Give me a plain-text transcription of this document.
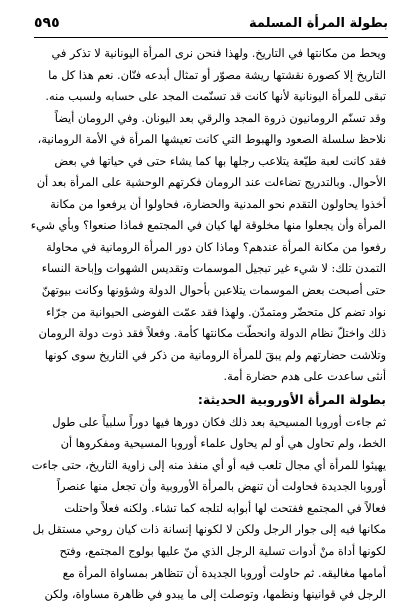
بطولة المرأة المسلمة
٥٩٥

ويحط من مكانتها في التاريخ. ولهذا فنحن نرى المرأة اليونانية لا تذكر في
التاريخ إلا كصورة نقشتها ريشة مصوّر أو تمثال أبدعه فنّان. نعم هذا كل ما
تبقى للمرأة اليونانية لأنها كانت قد تسنّمت المجد على حسابه ولسبب منه.

وقد تسنّم الرومانيون ذروة المجد والرقي بعد اليونان. وفي الرومان أيضاً
نلاحظ سلسلة الصعود والهبوط التي كانت تعيشها المرأة في الأمة الرومانية،
فقد كانت لعبة طيّعة يتلاعب رجلها بها كما يشاء حتى في حياتها في بعض
الأحوال. وبالتدريج تضاءلت عند الرومان فكرتهم الوحشية على المرأة بعد أن
أخذوا يحاولون التقدم نحو المدنية والحضارة، فحاولوا أن يرفعوا من مكانة
المرأة وأن يجعلوا منها مخلوقة لها كيان في المجتمع فماذا صنعوا؟ وبأي شيء
رفعوا من مكانة المرأة عندهم؟ وماذا كان دور المرأة الرومانية في محاولة
التمدن تلك: لا شيء غير تبجيل الموسمات وتقديس الشهوات وإباحة النساء
حتى أصبحت بعض الموسمات يتلاعبن بأحوال الدولة وشؤونها وكانت بيوتهنّ
نواد تضم كل متحضّر ومتمدّن. ولهذا فقد عمّت الفوضى الحيوانية من جرّاء
ذلك واختلّ نظام الدولة وانحطّت مكانتها كأمة. وفعلاً فقد ذوت دولة الرومان
وتلاشت حضارتهم ولم يبقَ للمرأة الرومانية من ذكر في التاريخ سوى كونها
أنثى ساعدت على هدم حضارة أمة.

بطولة المرأة الأوروبية الحديثة:

ثم جاءت أوروبا المسيحية بعد ذلك فكان دورها فيها دوراً سلبياً على طول
الخط، ولم تحاول هي أو لم يحاول علماء أوروبا المسيحية ومفكروها أن
يهيئوا للمرأة أي مجال تلعب فيه أو أي منفذ منه إلى زاوية التاريخ، حتى جاءت
أوروبا الجديدة فحاولت أن تنهض بالمرأة الأوروبية وأن تجعل منها عنصراً
فعالاً في المجتمع ففتحت لها أبوابه لتلجه كما تشاء. ولكنه فعلاً واحتلت
مكانها فيه إلى جوار الرجل ولكن لا لكونها إنسانة ذات كيان روحي مستقل بل
لكونها أداة منْ أدوات تسلية الرجل الذي منّ عليها بولوج المجتمع، وفتح
أمامها مغاليقه. ثم حاولت أوروبا الجديدة أن تتظاهر بمساواة المرأة مع
الرجل في قوانينها ونظمها، وتوصلت إلى ما يبدو في ظاهرة مساواة، ولكن
